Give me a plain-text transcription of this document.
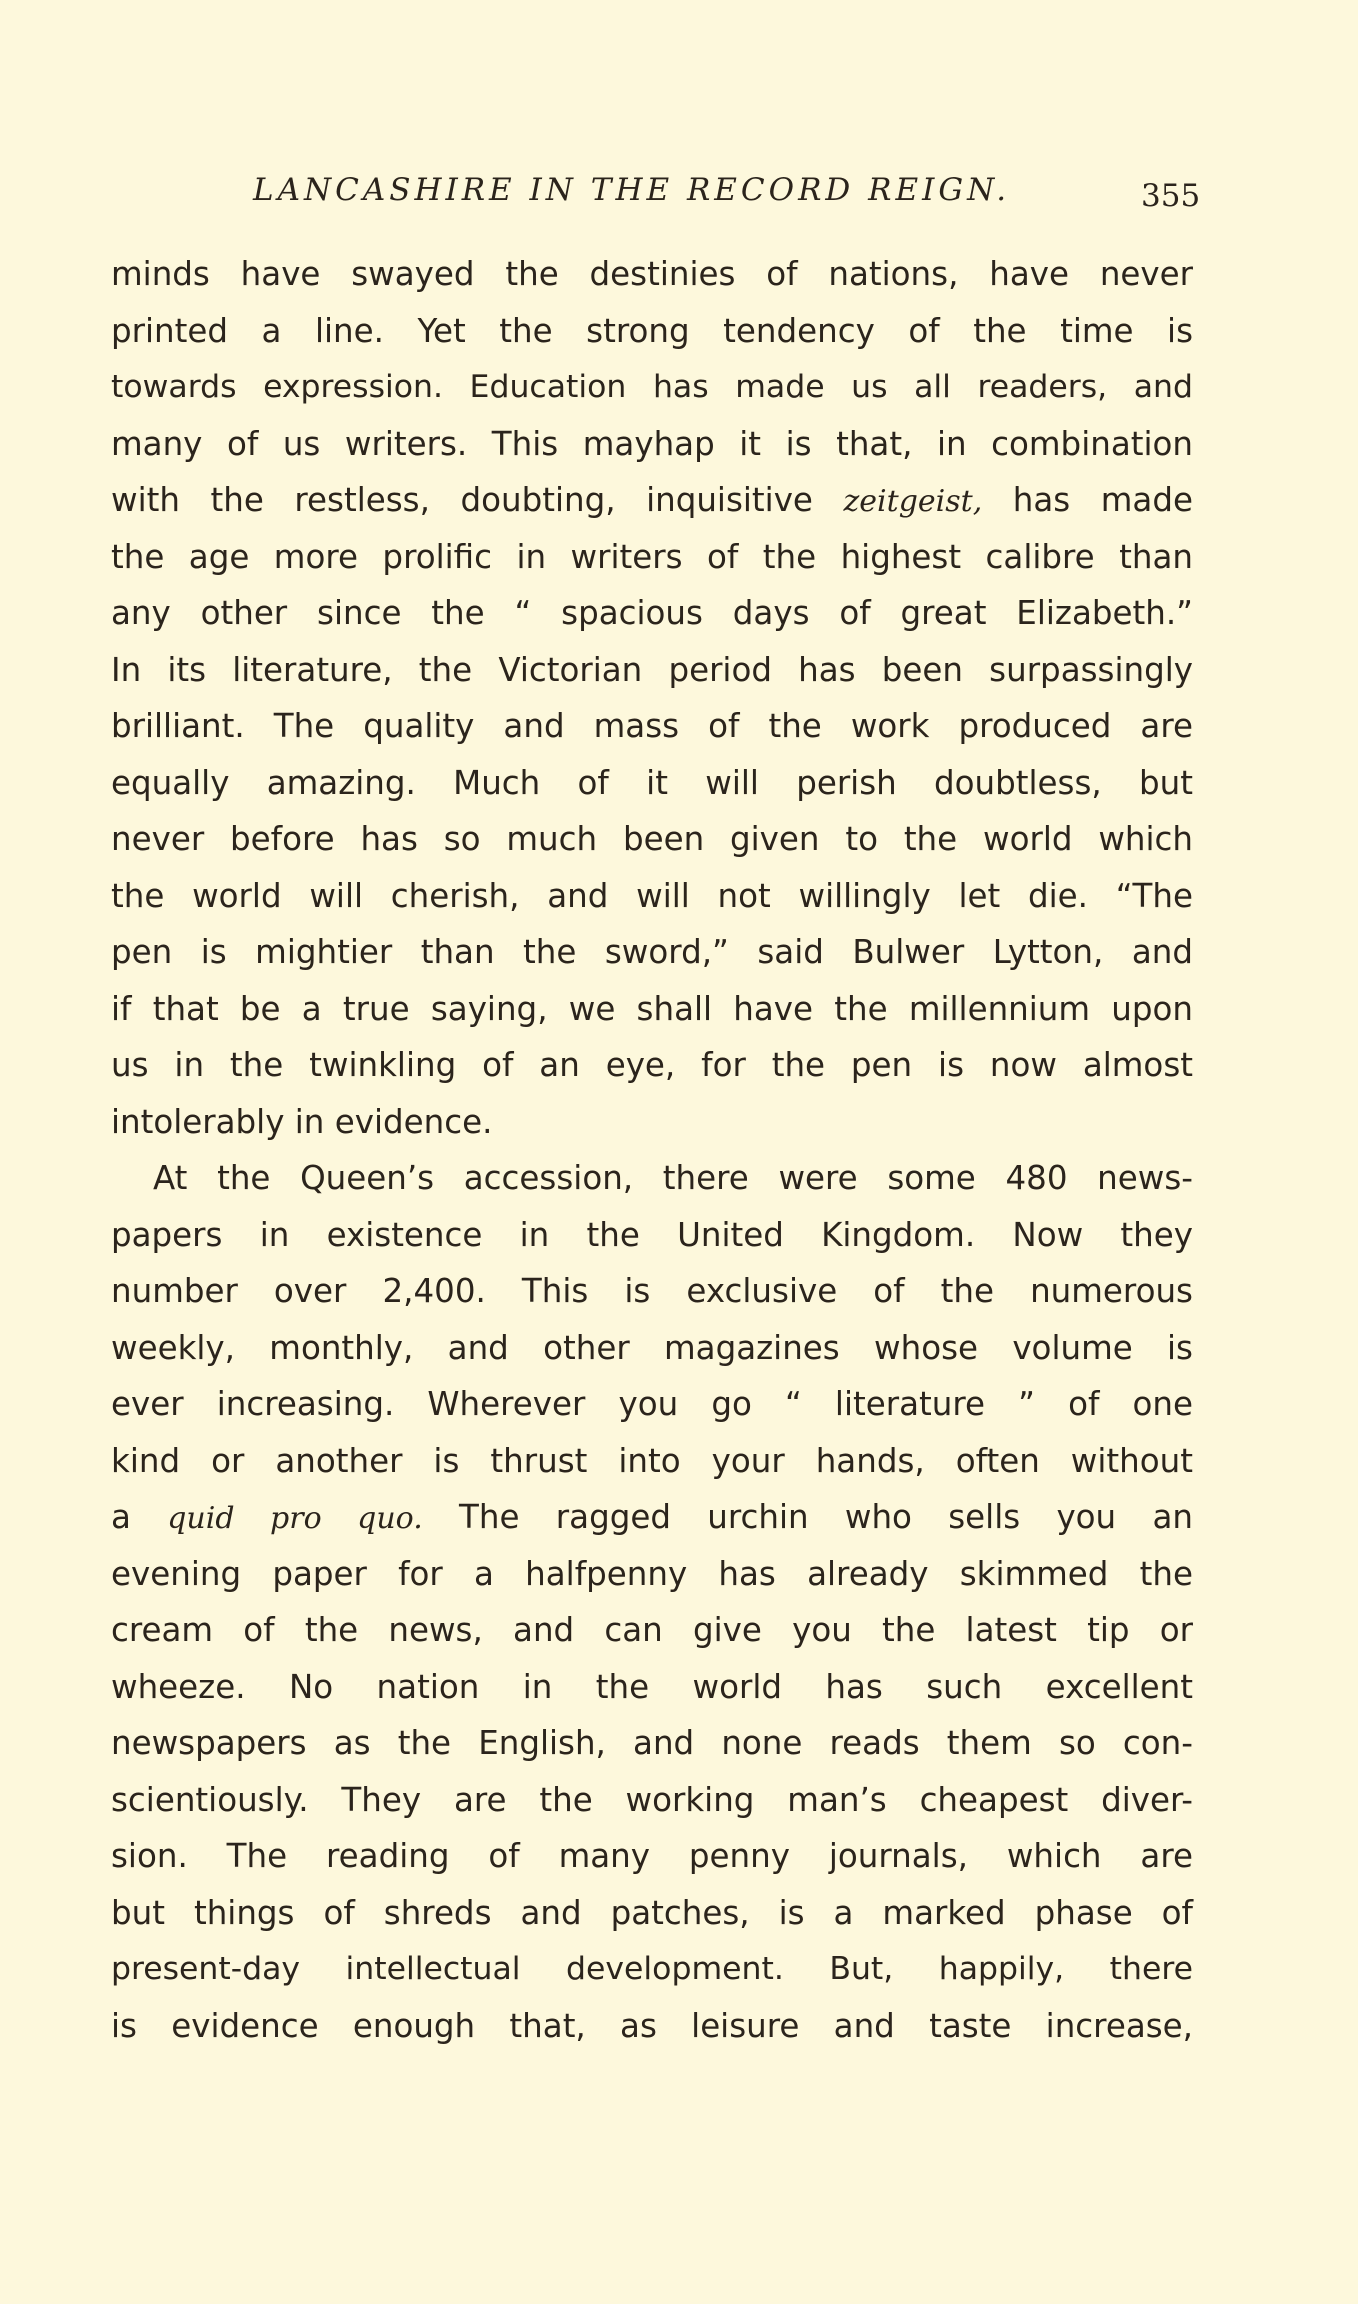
LANCASHIRE IN THE RECORD REIGN.	355
minds have swayed the destinies of nations, have never
printed a line. Yet the strong tendency of the time is
towards expression. Education has made us all readers, and
many of us writers. This mayhap it is that, in combination
with the restless, doubting, inquisitive zeitgeist, has made
the age more prolific in writers of the highest calibre than
any other since the “ spacious days of great Elizabeth.”
In its literature, the Victorian period has been surpassingly
brilliant. The quality and mass of the work produced are
equally amazing. Much of it will perish doubtless, but
never before has so much been given to the world which
the world will cherish, and will not willingly let die. “The
pen is mightier than the sword,” said Bulwer Lytton, and
if that be a true saying, we shall have the millennium upon
us in the twinkling of an eye, for the pen is now almost
intolerably in evidence.
At the Queen’s accession, there were some 480 news-
papers in existence in the United Kingdom. Now they
number over 2,400. This is exclusive of the numerous
weekly, monthly, and other magazines whose volume is
ever increasing. Wherever you go “ literature ” of one
kind or another is thrust into your hands, often without
a quid pro quo. The ragged urchin who sells you an
evening paper for a halfpenny has already skimmed the
cream of the news, and can give you the latest tip or
wheeze. No nation in the world has such excellent
newspapers as the English, and none reads them so con-
scientiously. They are the working man’s cheapest diver-
sion. The reading of many penny journals, which are
but things of shreds and patches, is a marked phase of
present-day intellectual development. But, happily, there
is evidence enough that, as leisure and taste increase,
